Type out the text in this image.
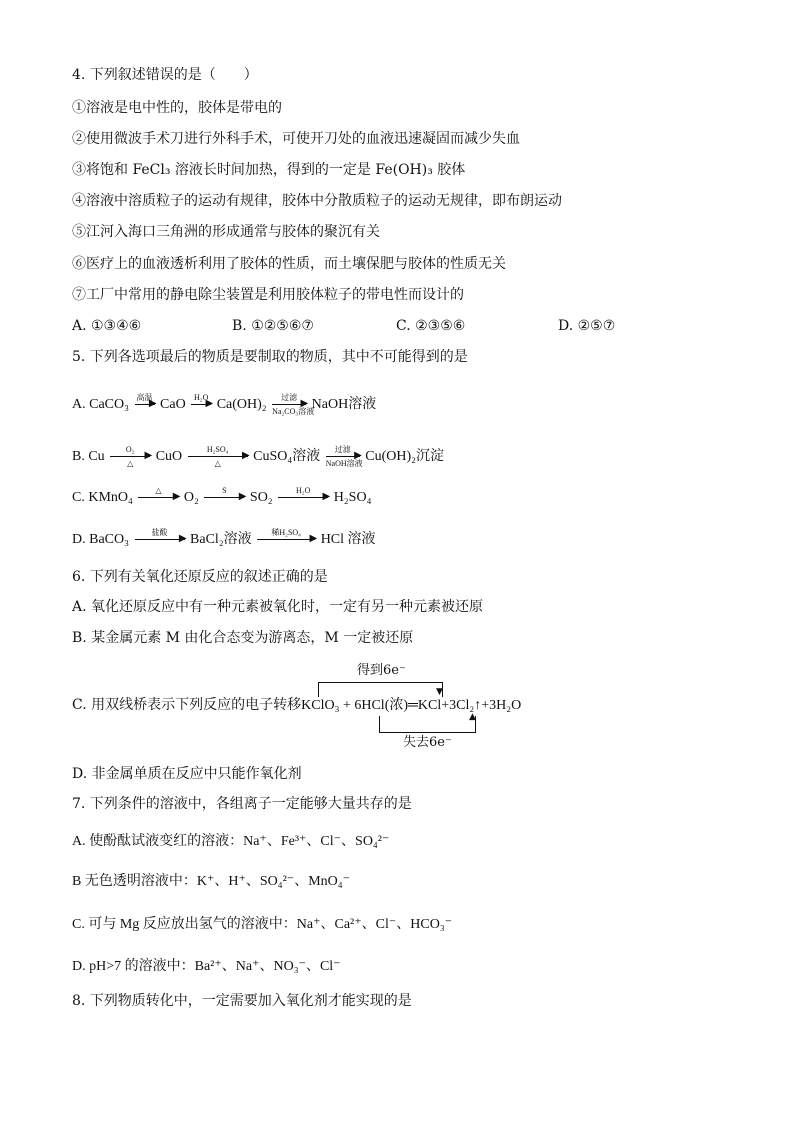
4. 下列叙述错误的是（　　）
①溶液是电中性的，胶体是带电的
②使用微波手术刀进行外科手术，可使开刀处的血液迅速凝固而减少失血
③将饱和 FeCl₃ 溶液长时间加热，得到的一定是 Fe(OH)₃ 胶体
④溶液中溶质粒子的运动有规律，胶体中分散质粒子的运动无规律，即布朗运动
⑤江河入海口三角洲的形成通常与胶体的聚沉有关
⑥医疗上的血液透析利用了胶体的性质，而土壤保肥与胶体的性质无关
⑦工厂中常用的静电除尘装置是利用胶体粒子的带电性而设计的
A. ①③④⑥	B. ①②⑤⑥⑦	C. ②③⑤⑥	D. ②⑤⑦
5. 下列各选项最后的物质是要制取的物质，其中不可能得到的是
A. CaCO₃ 高温
▶ CaO	H₂O
▶ Ca(OH)₂	过滤
▶
Na₂CO₃溶液
NaOH溶液
B. Cu	O₂
▶
△	CuO	H₂SO₄
▶
△	CuSO₄溶液	过滤
▶
NaOH溶液 Cu(OH)₂沉淀
C. KMnO₄	△
▶ O₂	S
▶ SO₂	H₂O
▶ H₂SO₄
D. BaCO₃	盐酸
▶ BaCl₂溶液	稀H₂SO₄
▶ HCl 溶液
6. 下列有关氧化还原反应的叙述正确的是
A. 氧化还原反应中有一种元素被氧化时，一定有另一种元素被还原
B. 某金属元素 M 由化合态变为游离态，M 一定被还原
得到6e⁻
▼
C. 用双线桥表示下列反应的电子转移KClO₃ + 6HCl(浓)═KCl+3Cl₂↑+3H₂O
▲
失去6e⁻
D. 非金属单质在反应中只能作氧化剂
7. 下列条件的溶液中，各组离子一定能够大量共存的是
A. 使酚酞试液变红的溶液：Na⁺、Fe³⁺、Cl⁻、SO₄²⁻
B 无色透明溶液中：K⁺、H⁺、SO₄²⁻、MnO₄⁻
C. 可与 Mg 反应放出氢气的溶液中：Na⁺、Ca²⁺、Cl⁻、HCO₃⁻
D. pH>7 的溶液中：Ba²⁺、Na⁺、NO₃⁻、Cl⁻
8. 下列物质转化中，一定需要加入氧化剂才能实现的是
